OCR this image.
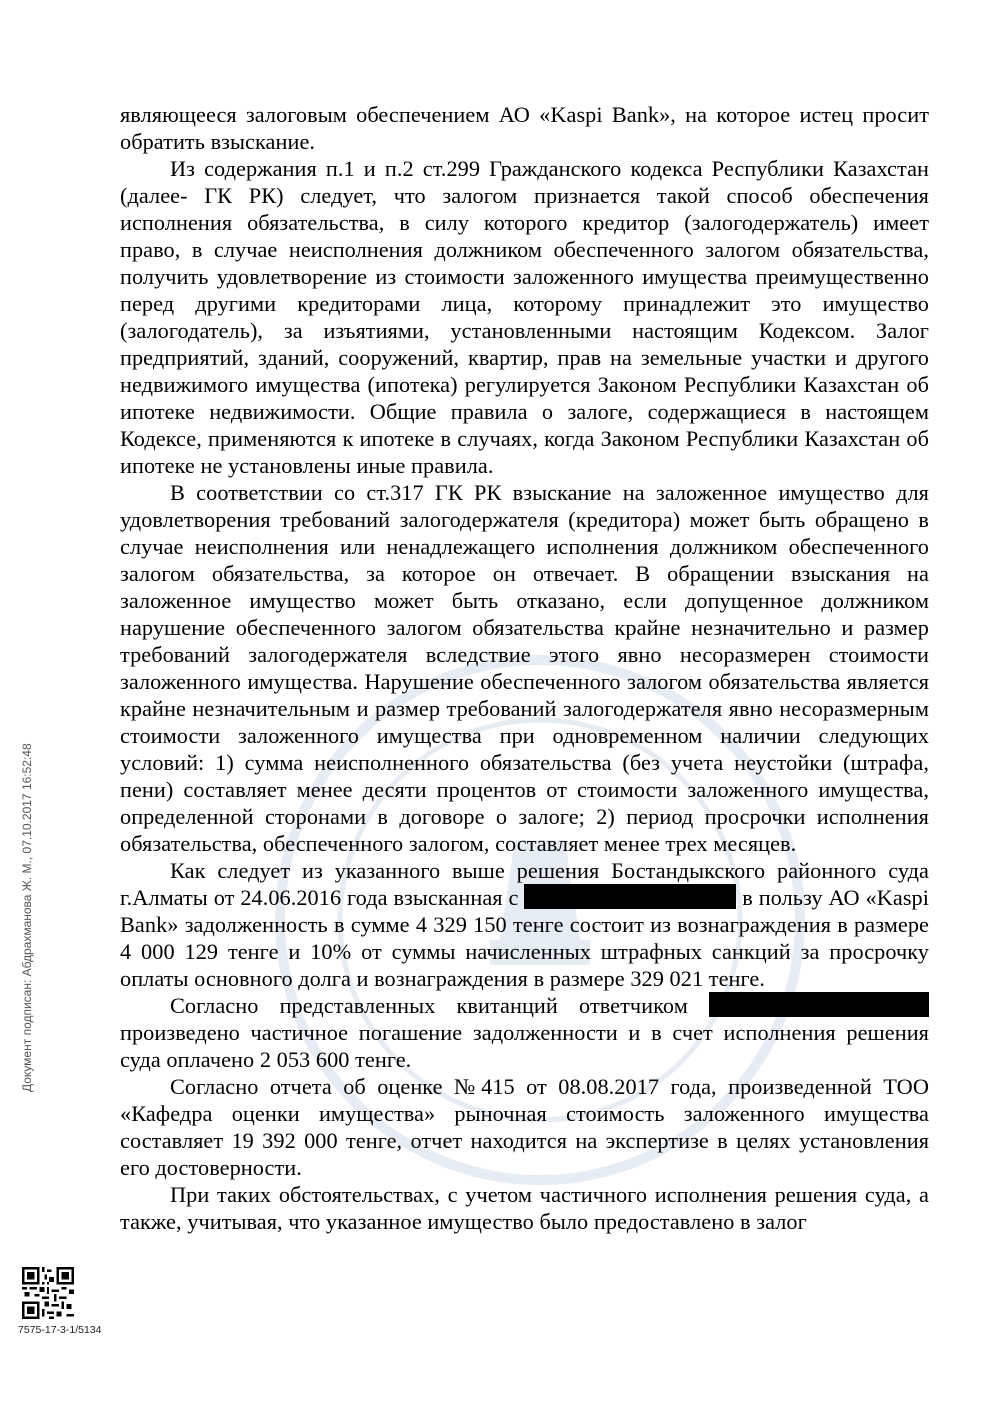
являющееся залоговым обеспечением АО «Kaspi Bank», на которое истец просит обратить взыскание.

Из содержания п.1 и п.2 ст.299 Гражданского кодекса Республики Казахстан (далее- ГК РК) следует, что залогом признается такой способ обеспечения исполнения обязательства, в силу которого кредитор (залогодержатель) имеет право, в случае неисполнения должником обеспеченного залогом обязательства, получить удовлетворение из стоимости заложенного имущества преимущественно перед другими кредиторами лица, которому принадлежит это имущество (залогодатель), за изъятиями, установленными настоящим Кодексом. Залог предприятий, зданий, сооружений, квартир, прав на земельные участки и другого недвижимого имущества (ипотека) регулируется Законом Республики Казахстан об ипотеке недвижимости. Общие правила о залоге, содержащиеся в настоящем Кодексе, применяются к ипотеке в случаях, когда Законом Республики Казахстан об ипотеке не установлены иные правила.

В соответствии со ст.317 ГК РК взыскание на заложенное имущество для удовлетворения требований залогодержателя (кредитора) может быть обращено в случае неисполнения или ненадлежащего исполнения должником обеспеченного залогом обязательства, за которое он отвечает. В обращении взыскания на заложенное имущество может быть отказано, если допущенное должником нарушение обеспеченного залогом обязательства крайне незначительно и размер требований залогодержателя вследствие этого явно несоразмерен стоимости заложенного имущества. Нарушение обеспеченного залогом обязательства является крайне незначительным и размер требований залогодержателя явно несоразмерным стоимости заложенного имущества при одновременном наличии следующих условий: 1) сумма неисполненного обязательства (без учета неустойки (штрафа, пени) составляет менее десяти процентов от стоимости заложенного имущества, определенной сторонами в договоре о залоге; 2) период просрочки исполнения обязательства, обеспеченного залогом, составляет менее трех месяцев.

Как следует из указанного выше решения Бостандыкского районного суда г.Алматы от 24.06.2016 года взысканная с	в пользу АО «Kaspi Bank» задолженность в сумме 4 329 150 тенге состоит из вознаграждения в размере 4 000 129 тенге и 10% от суммы начисленных штрафных санкций за просрочку оплаты основного долга и вознаграждения в размере 329 021 тенге.

Согласно представленных квитанций ответчиком  произведено частичное погашение задолженности и в счет исполнения решения суда оплачено 2 053 600 тенге.

Согласно отчета об оценке №415 от 08.08.2017 года, произведенной ТОО «Кафедра оценки имущества» рыночная стоимость заложенного имущества составляет 19 392 000 тенге, отчет находится на экспертизе в целях установления его достоверности.

При таких обстоятельствах, с учетом частичного исполнения решения суда, а также, учитывая, что указанное имущество было предоставлено в залог

Документ подписан: Абдрахманова Ж. М., 07.10.2017 16:52:48
7575-17-3-1/5134
